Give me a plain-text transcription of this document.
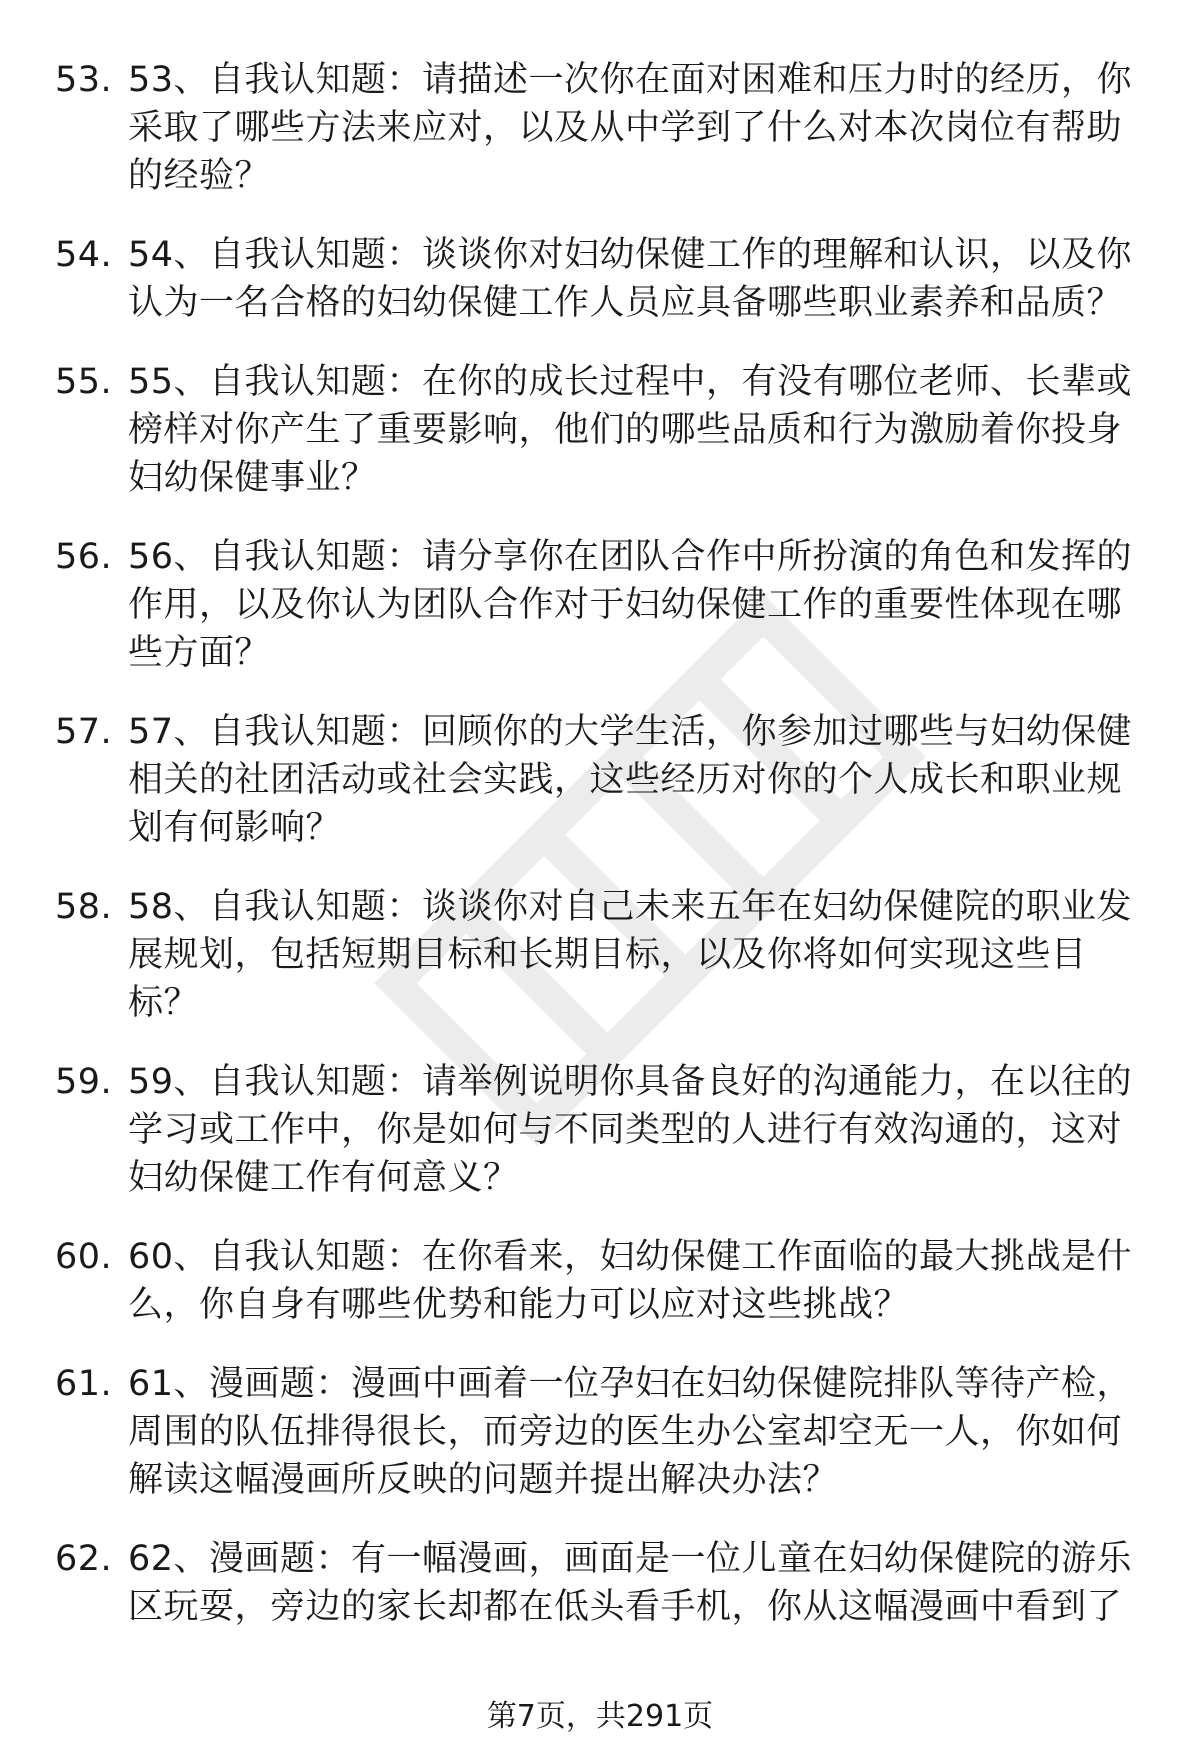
53. 53、自我认知题：请描述一次你在面对困难和压力时的经历，你采取了哪些方法来应对，以及从中学到了什么对本次岗位有帮助的经验？
54. 54、自我认知题：谈谈你对妇幼保健工作的理解和认识，以及你认为一名合格的妇幼保健工作人员应具备哪些职业素养和品质？
55. 55、自我认知题：在你的成长过程中，有没有哪位老师、长辈或榜样对你产生了重要影响，他们的哪些品质和行为激励着你投身妇幼保健事业？
56. 56、自我认知题：请分享你在团队合作中所扮演的角色和发挥的作用，以及你认为团队合作对于妇幼保健工作的重要性体现在哪些方面？
57. 57、自我认知题：回顾你的大学生活，你参加过哪些与妇幼保健相关的社团活动或社会实践，这些经历对你的个人成长和职业规划有何影响？
58. 58、自我认知题：谈谈你对自己未来五年在妇幼保健院的职业发展规划，包括短期目标和长期目标，以及你将如何实现这些目标？
59. 59、自我认知题：请举例说明你具备良好的沟通能力，在以往的学习或工作中，你是如何与不同类型的人进行有效沟通的，这对妇幼保健工作有何意义？
60. 60、自我认知题：在你看来，妇幼保健工作面临的最大挑战是什么，你自身有哪些优势和能力可以应对这些挑战？
61. 61、漫画题：漫画中画着一位孕妇在妇幼保健院排队等待产检，周围的队伍排得很长，而旁边的医生办公室却空无一人，你如何解读这幅漫画所反映的问题并提出解决办法？
62. 62、漫画题：有一幅漫画，画面是一位儿童在妇幼保健院的游乐区玩耍，旁边的家长却都在低头看手机，你从这幅漫画中看到了
第7页，共291页
